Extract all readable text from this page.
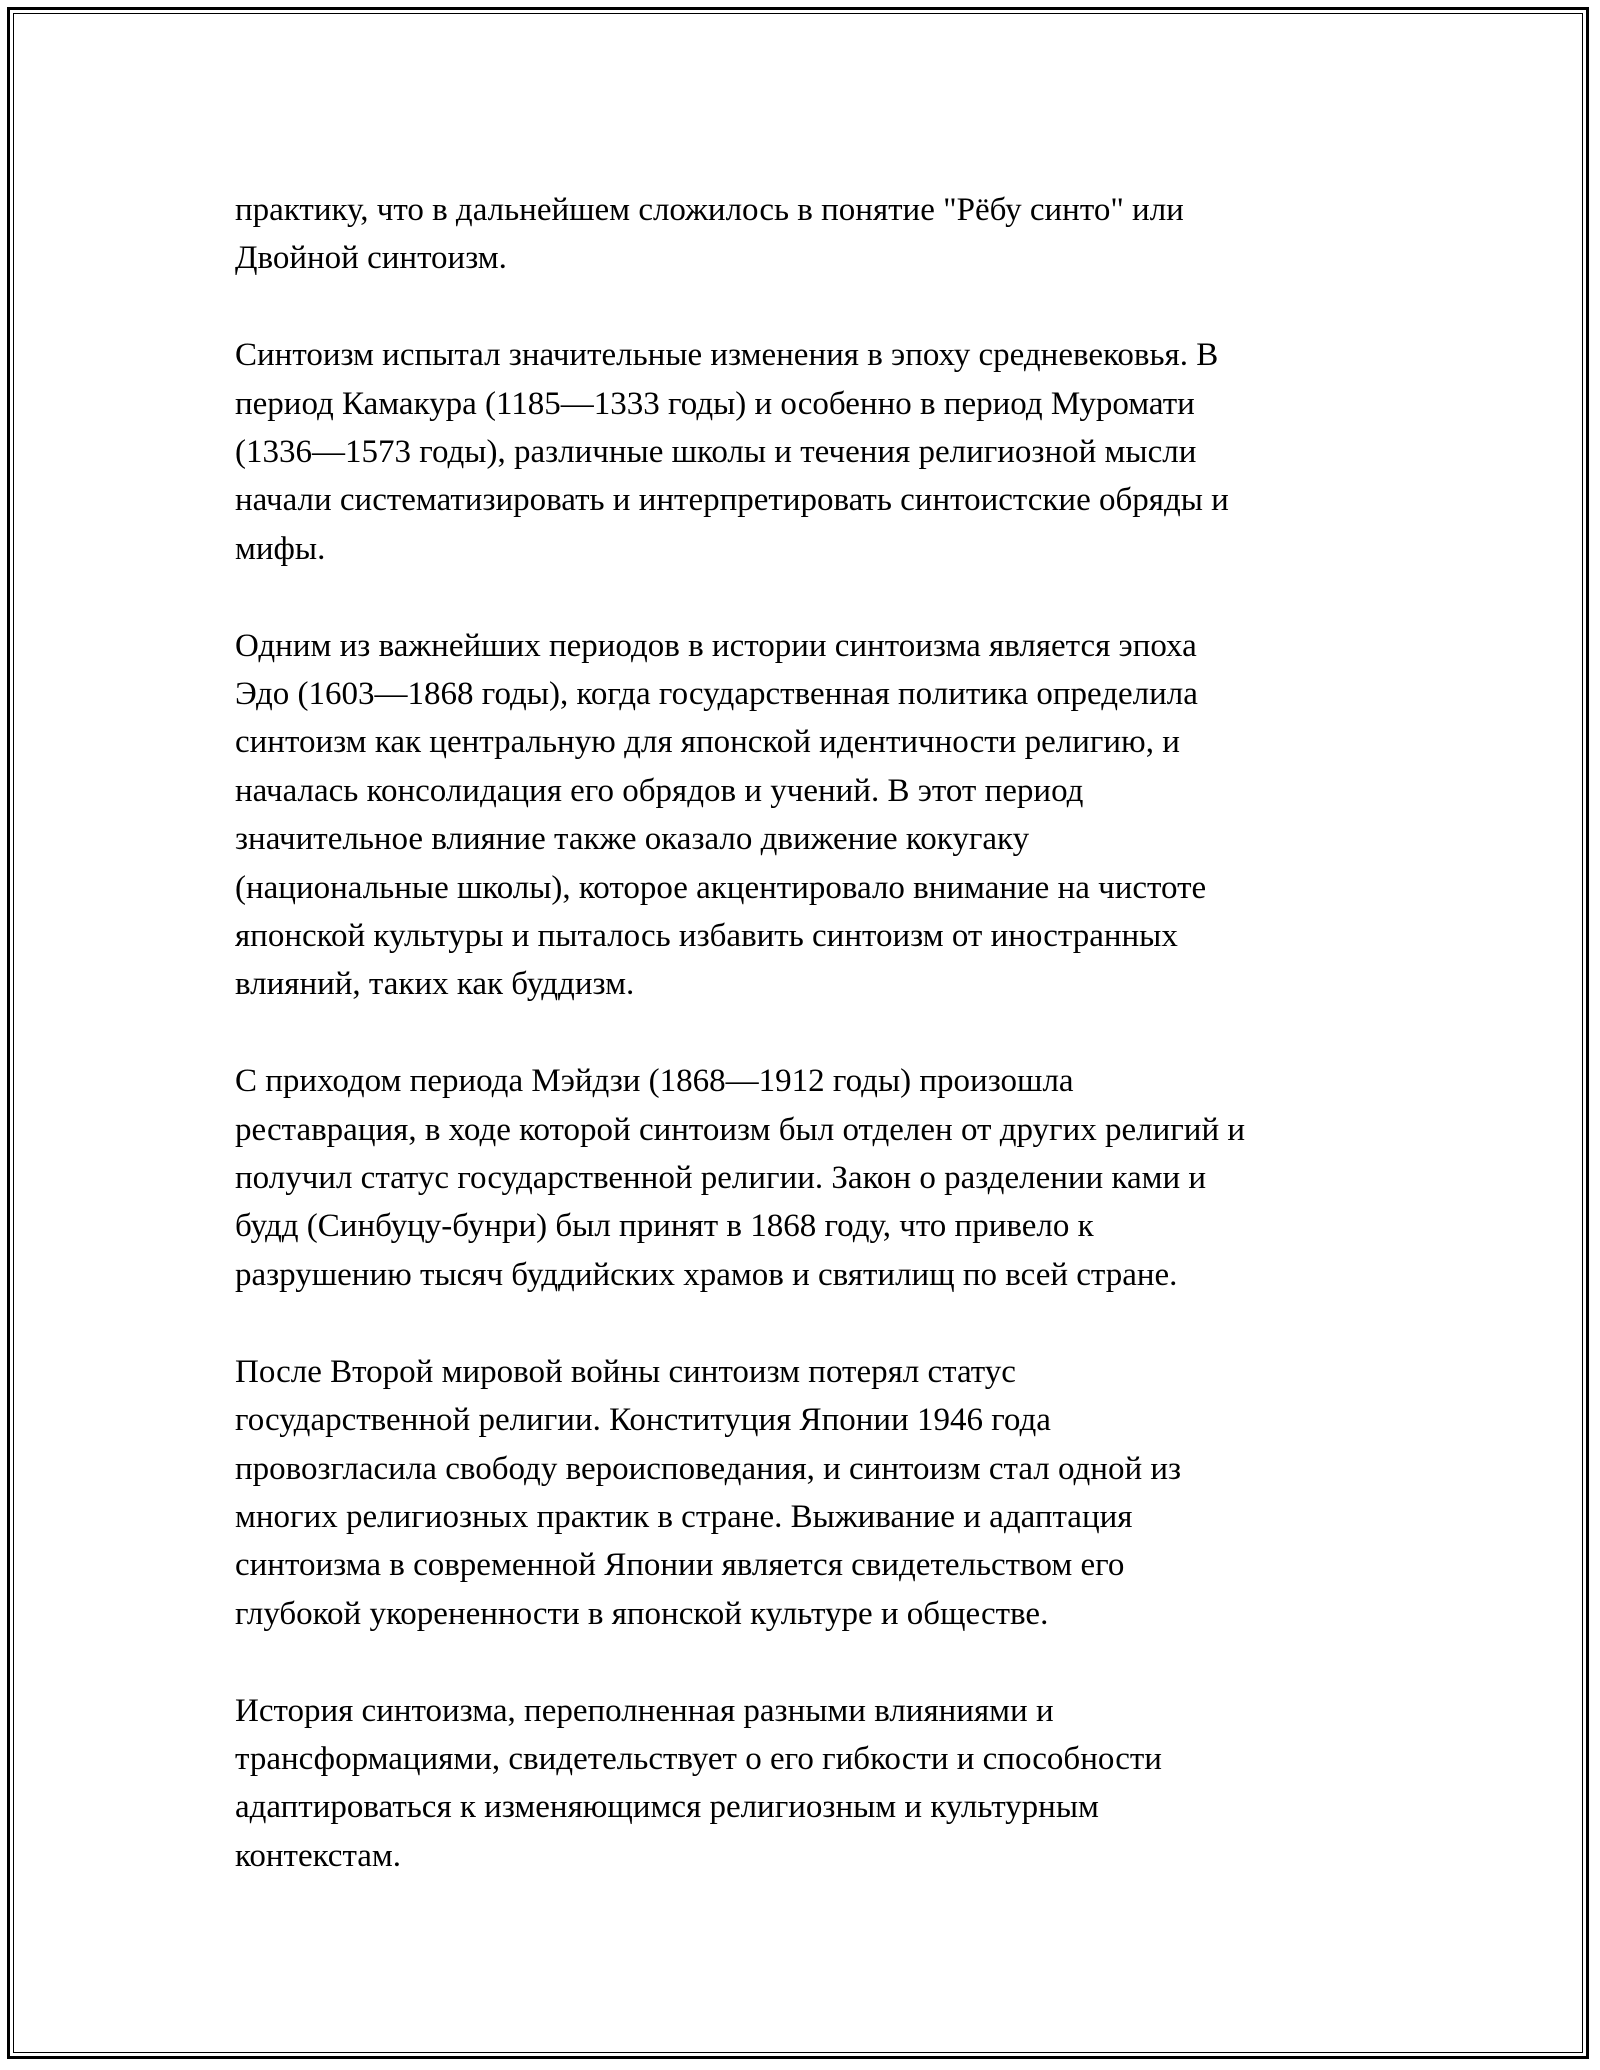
практику, что в дальнейшем сложилось в понятие "Рёбу синто" или
Двойной синтоизм.

Синтоизм испытал значительные изменения в эпоху средневековья. В
период Камакура (1185—1333 годы) и особенно в период Муромати
(1336—1573 годы), различные школы и течения религиозной мысли
начали систематизировать и интерпретировать синтоистские обряды и
мифы.

Одним из важнейших периодов в истории синтоизма является эпоха
Эдо (1603—1868 годы), когда государственная политика определила
синтоизм как центральную для японской идентичности религию, и
началась консолидация его обрядов и учений. В этот период
значительное влияние также оказало движение кокугаку
(национальные школы), которое акцентировало внимание на чистоте
японской культуры и пыталось избавить синтоизм от иностранных
влияний, таких как буддизм.

С приходом периода Мэйдзи (1868—1912 годы) произошла
реставрация, в ходе которой синтоизм был отделен от других религий и
получил статус государственной религии. Закон о разделении ками и
будд (Синбуцу-бунри) был принят в 1868 году, что привело к
разрушению тысяч буддийских храмов и святилищ по всей стране.

После Второй мировой войны синтоизм потерял статус
государственной религии. Конституция Японии 1946 года
провозгласила свободу вероисповедания, и синтоизм стал одной из
многих религиозных практик в стране. Выживание и адаптация
синтоизма в современной Японии является свидетельством его
глубокой укорененности в японской культуре и обществе.

История синтоизма, переполненная разными влияниями и
трансформациями, свидетельствует о его гибкости и способности
адаптироваться к изменяющимся религиозным и культурным
контекстам.
